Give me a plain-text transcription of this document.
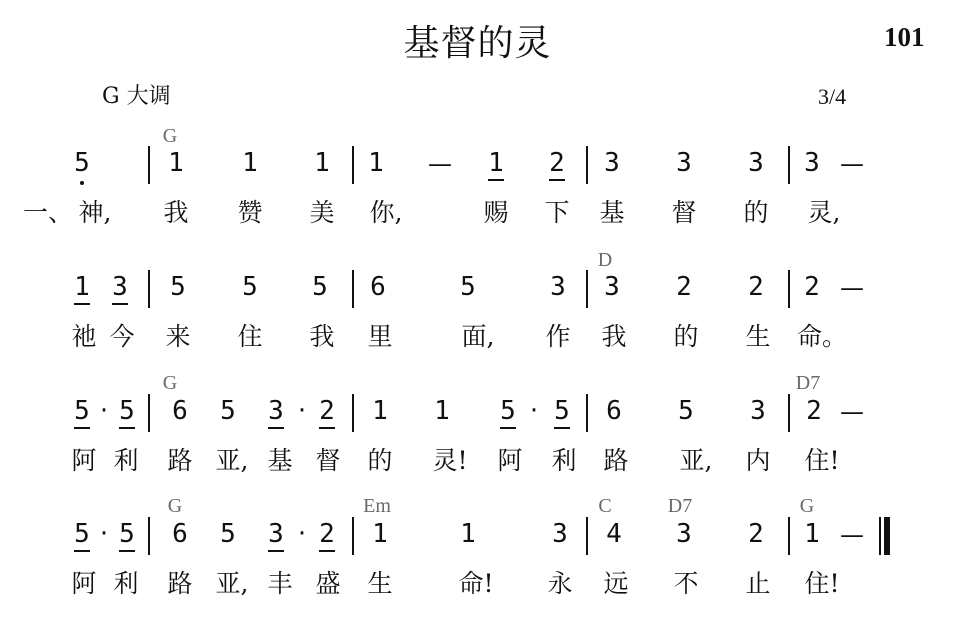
基督的灵	101
G 大调	3/4
G
5	1 1 1 1 — 1 2 3 3 3 3 —
一、 神, 我 赞 美 你,	赐 下 基 督 的 灵,
D
1 3 5 5 5 6	5	3 3 2 2 2 —
祂 今 来 住 我 里	面, 作 我 的 生 命。
G	D7
5 · 5 6 5 3 · 2 1 1 5 · 5 6 5 3 2 —
阿 利 路 亚, 基 督 的 灵! 阿 利 路 亚, 内 住!
G	Em	C	D7	G
5 · 5 6 5 3 · 2 1	1	3 4 3 2 1 —
阿 利 路 亚, 丰 盛 生	命! 永 远 不 止 住!
